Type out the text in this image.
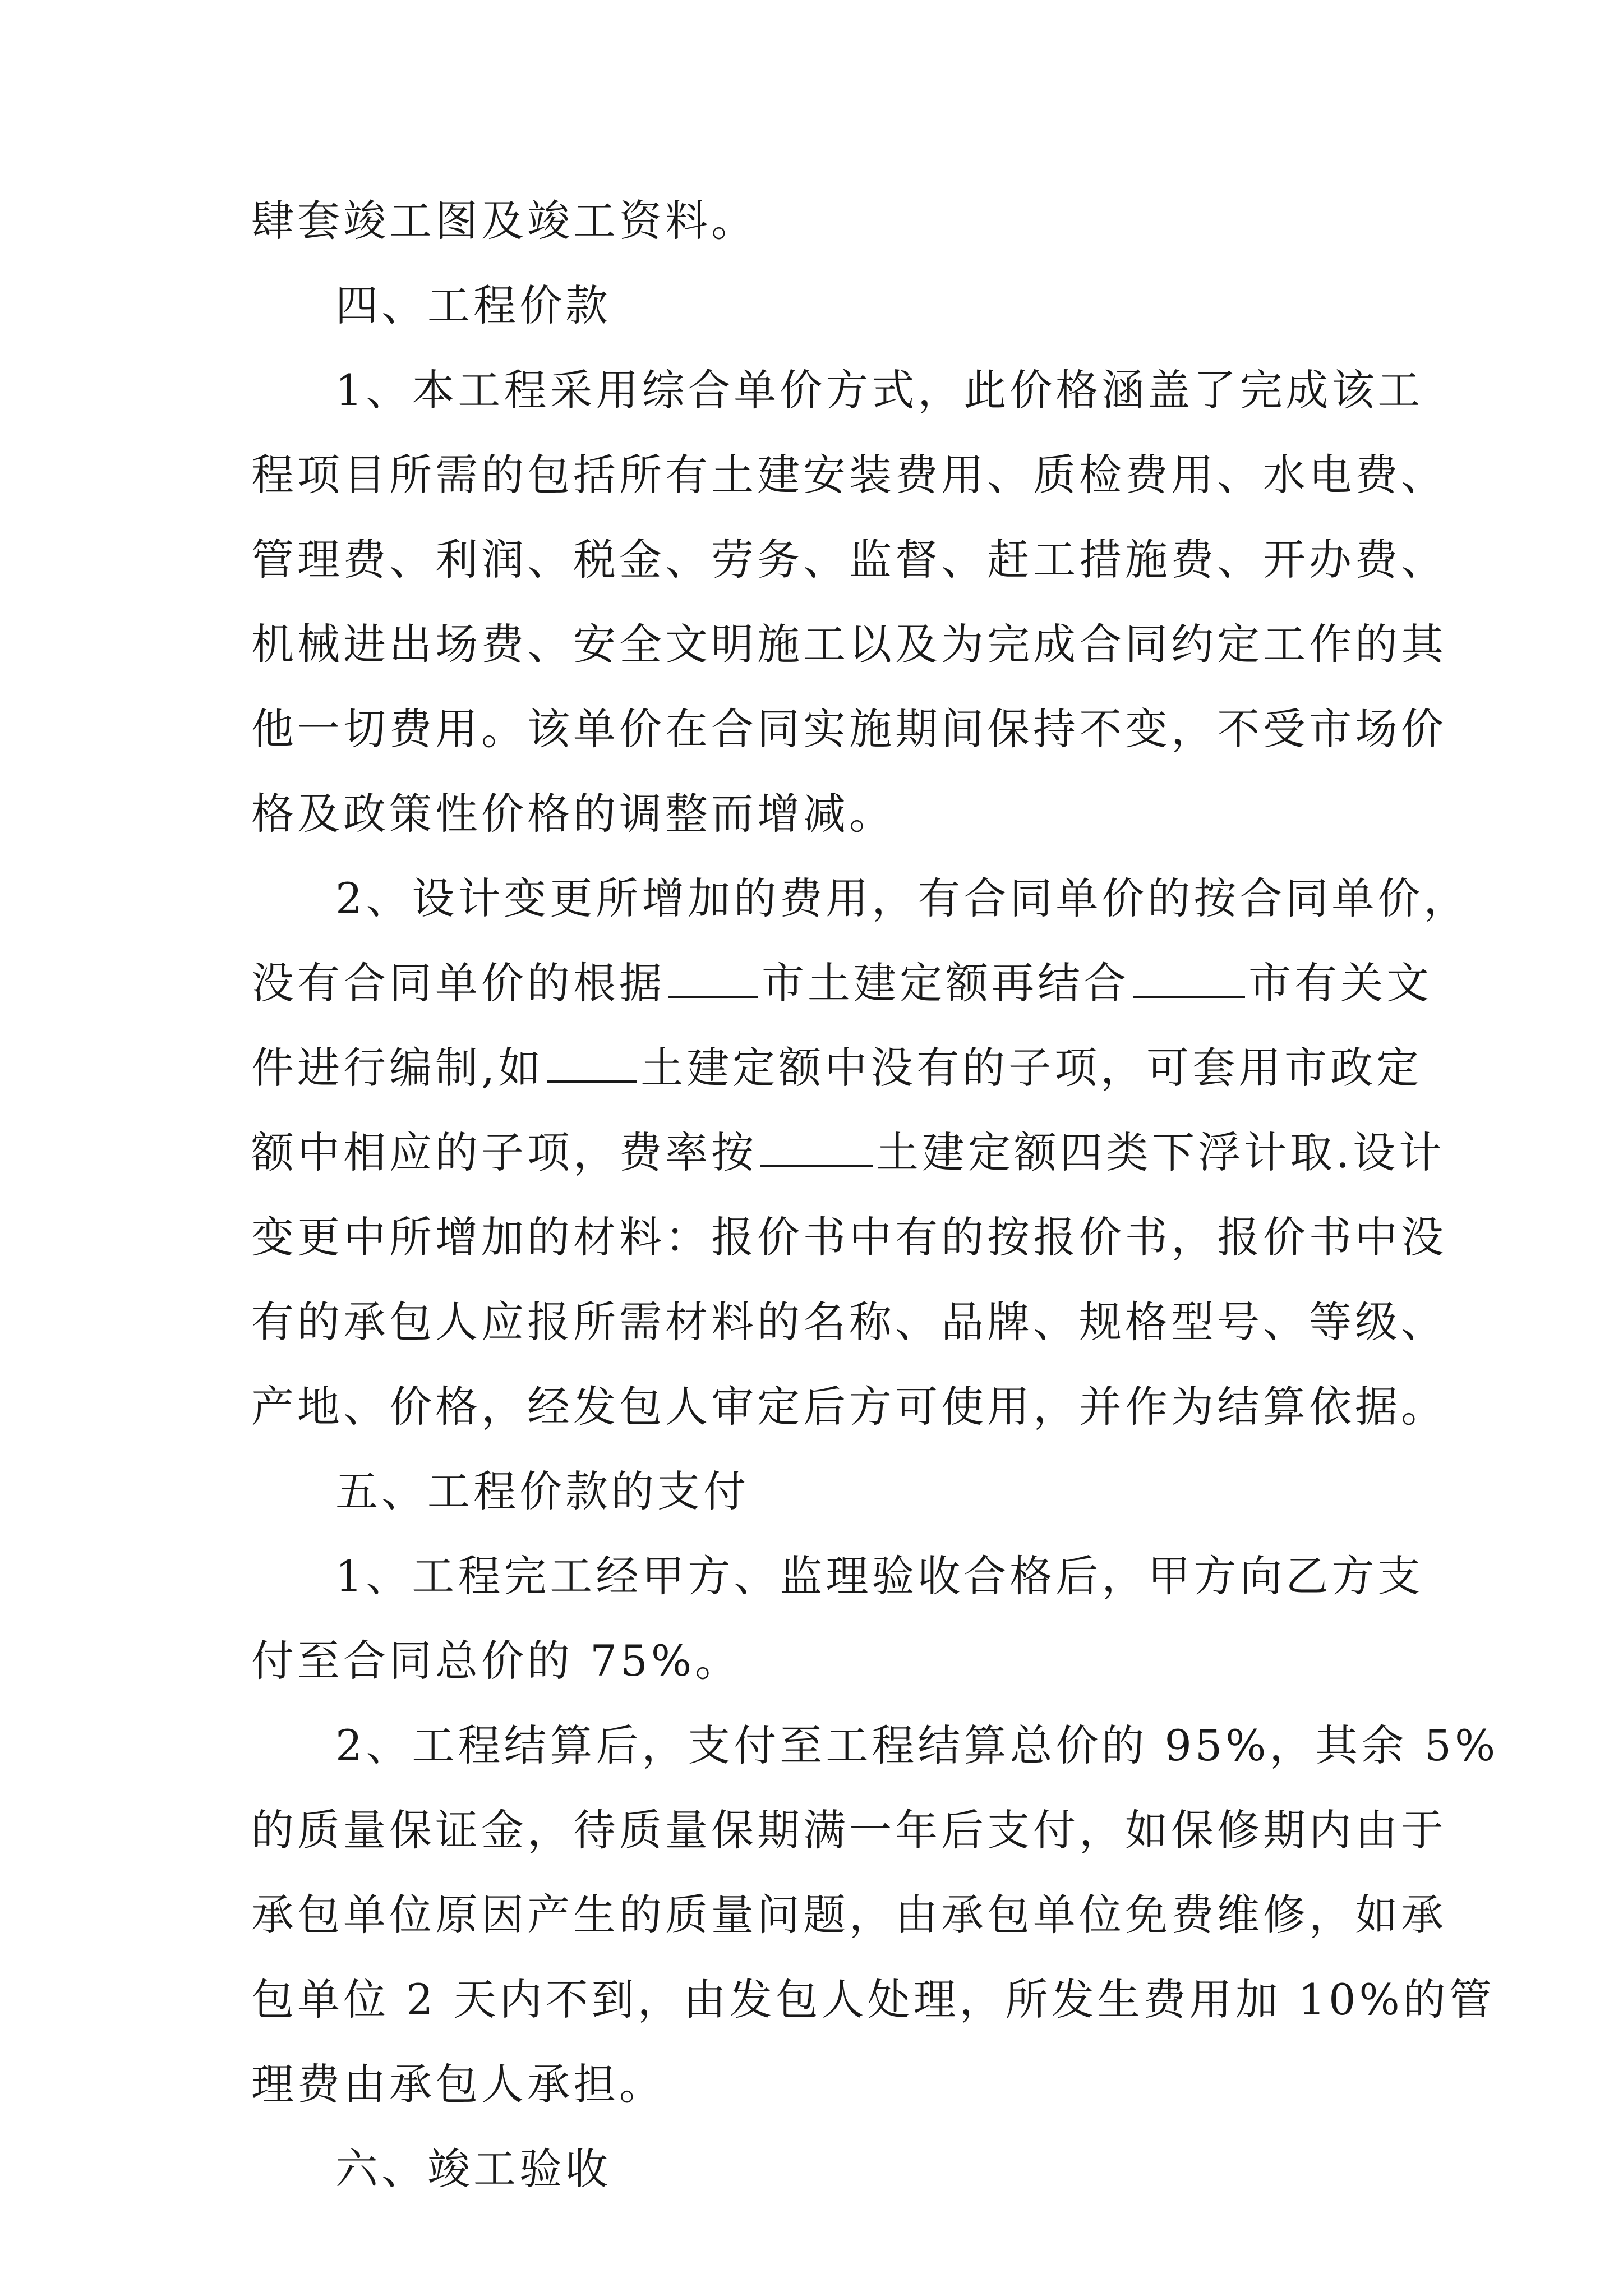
肆套竣工图及竣工资料。
四、工程价款
1、本工程采用综合单价方式，此价格涵盖了完成该工
程项目所需的包括所有土建安装费用、质检费用、水电费、
管理费、利润、税金、劳务、监督、赶工措施费、开办费、
机械进出场费、安全文明施工以及为完成合同约定工作的其
他一切费用。该单价在合同实施期间保持不变，不受市场价
格及政策性价格的调整而增减。
2、设计变更所增加的费用，有合同单价的按合同单价，
没有合同单价的根据 市土建定额再结合	市有关文
件进行编制,如 土建定额中没有的子项，可套用市政定
额中相应的子项，费率按	土建定额四类下浮计取.设计
变更中所增加的材料：报价书中有的按报价书，报价书中没
有的承包人应报所需材料的名称、品牌、规格型号、等级、
产地、价格，经发包人审定后方可使用，并作为结算依据。
五、工程价款的支付
1、工程完工经甲方、监理验收合格后，甲方向乙方支
付至合同总价的 75%。
2、工程结算后，支付至工程结算总价的 95%，其余 5%
的质量保证金，待质量保期满一年后支付，如保修期内由于
承包单位原因产生的质量问题，由承包单位免费维修，如承
包单位 2 天内不到，由发包人处理，所发生费用加 10%的管
理费由承包人承担。
六、竣工验收
